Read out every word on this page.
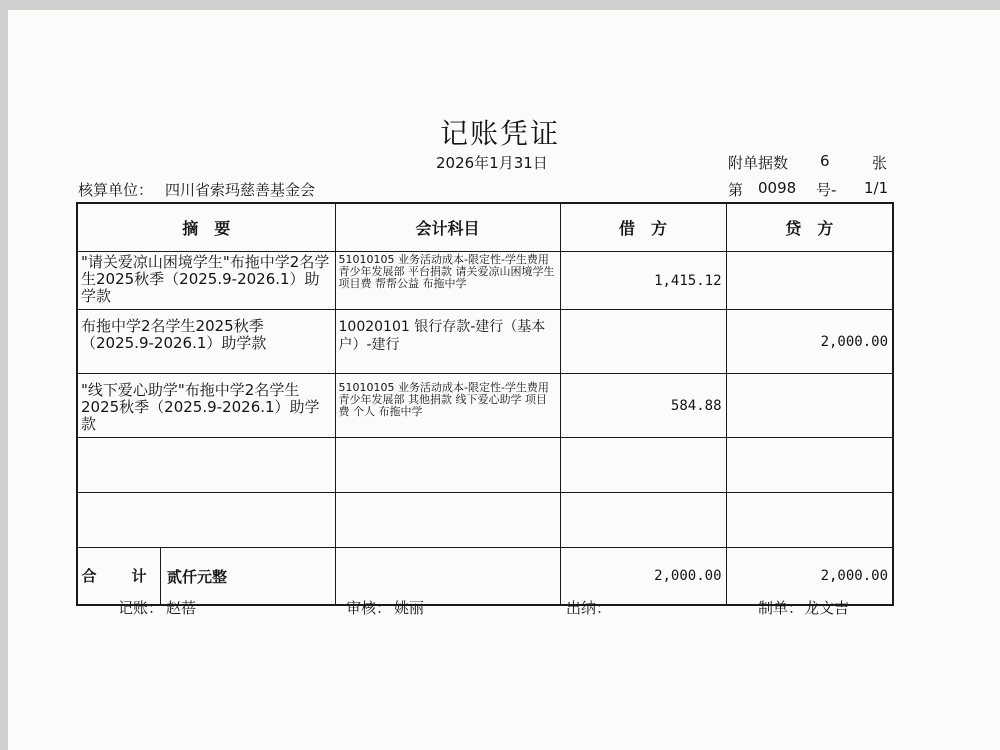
记账凭证
2026年1月31日	附单据数 6	张
核算单位： 四川省索玛慈善基金会	第 0098 号- 1/1
摘　要	会计科目	借　方	贷　方
"请关爱凉山困境学生"布拖中学2名学生2025秋季（2025.9-2026.1）助学款	51010105 业务活动成本-限定性-学生费用 青少年发展部 平台捐款 请关爱凉山困境学生 项目费 帮帮公益 布拖中学	1,415.12	
布拖中学2名学生2025秋季（2025.9-2026.1）助学款	10020101 银行存款-建行（基本户）-建行		2,000.00
"线下爱心助学"布拖中学2名学生2025秋季（2025.9-2026.1）助学款	51010105 业务活动成本-限定性-学生费用 青少年发展部 其他捐款 线下爱心助学 项目费 个人 布拖中学	584.88	

合　计 贰仟元整		2,000.00	2,000.00
记账： 赵蓓	审核： 姚丽	出纳：	制单： 龙文吉
